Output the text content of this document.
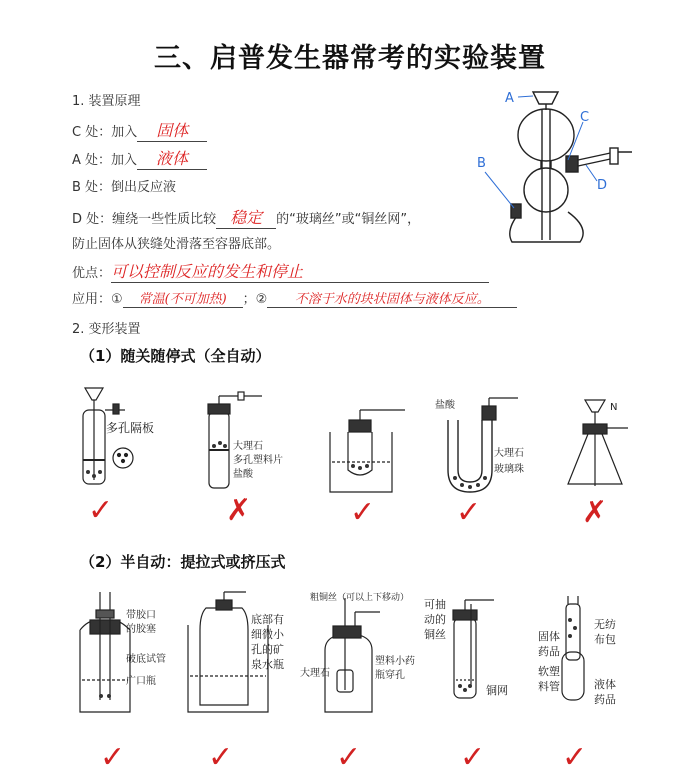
三、启普发生器常考的实验装置
1. 装置原理
C 处：加入 固体
A 处：加入 液体
B 处：倒出反应液
D 处：缠绕一些性质比较 稳定 的“玻璃丝”或“铜丝网”，
防止固体从狭缝处滑落至容器底部。
优点：可以控制反应的发生和停止
应用：① 常温(不可加热) ；② 不溶于水的块状固体与液体反应。
2. 变形装置
（1）随关随停式（全自动）
（2）半自动：提拉式或挤压式
A
C
B
D
多孔隔板
大理石
多孔塑料片
盐酸
盐酸
大理石
玻璃珠
N
✓	✗	✓	✓	✗
带胶口
的胶塞
破底试管
广口瓶
底部有
细微小
孔的矿
泉水瓶
粗铜丝（可以上下移动）
大理石
塑料小药
瓶穿孔
可抽
动的
铜丝
铜网
无纺
布包
固体
药品
软塑
料管	液体
药品
✓	✓	✓	✓	✓
